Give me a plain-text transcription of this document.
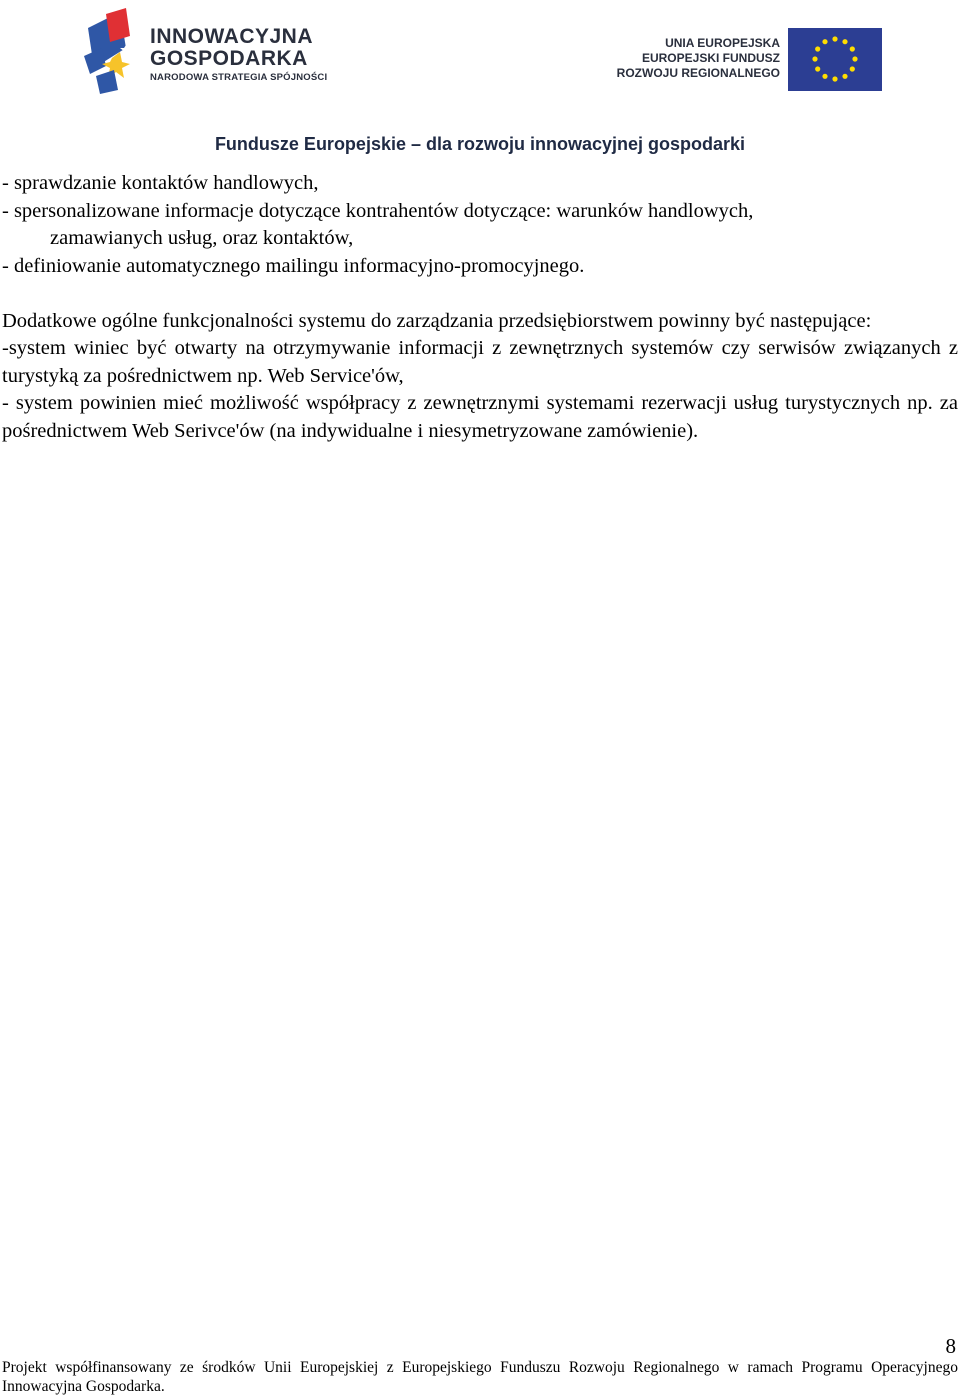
INNOWACYJNA
GOSPODARKA
NARODOWA STRATEGIA SPÓJNOŚCI
UNIA EUROPEJSKA
EUROPEJSKI FUNDUSZ
ROZWOJU REGIONALNEGO
Fundusze Europejskie – dla rozwoju innowacyjnej gospodarki

- sprawdzanie kontaktów handlowych,

- spersonalizowane informacje dotyczące kontrahentów dotyczące: warunków handlowych,

zamawianych usług, oraz kontaktów,

- definiowanie automatycznego mailingu informacyjno-promocyjnego.

Dodatkowe ogólne funkcjonalności systemu do zarządzania przedsiębiorstwem powinny być następujące:

-system winiec być otwarty na otrzymywanie informacji z zewnętrznych systemów czy serwisów związanych z turystyką za pośrednictwem np. Web Service'ów,

- system powinien mieć możliwość współpracy z zewnętrznymi systemami rezerwacji usług turystycznych np. za pośrednictwem Web Serivce'ów (na indywidualne i niesymetryzowane zamówienie).

8
Projekt współfinansowany ze środków Unii Europejskiej z Europejskiego Funduszu Rozwoju Regionalnego w ramach Programu Operacyjnego Innowacyjna Gospodarka.
